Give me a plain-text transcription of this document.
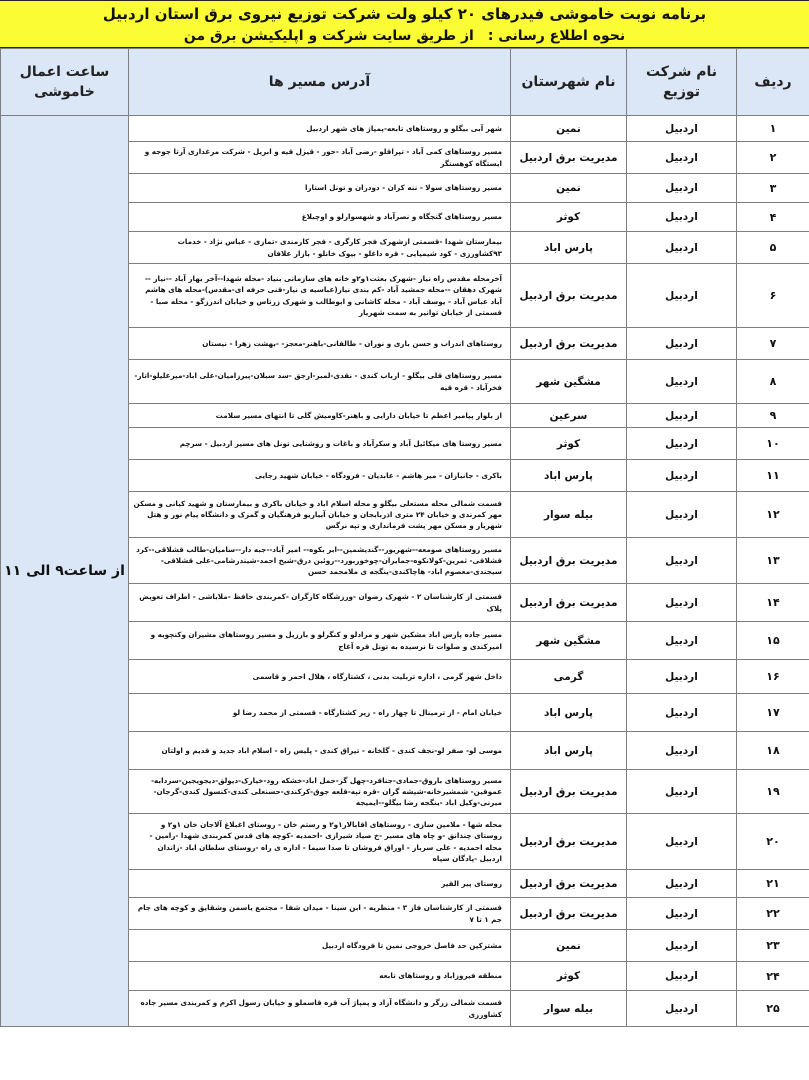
برنامه نوبت خاموشی فیدرهای ۲۰ کیلو ولت شرکت توزیع نیروی برق استان اردبیل
نحوه اطلاع رسانی :
از طریق سایت شرکت و اپلیکیشن برق من
ردیف	نام شرکت توزیع	نام شهرستان	آدرس مسیر ها	ساعت اعمال خاموشی
۱	اردبیل	نمین	شهر آبی بیگلو و روستاهای تابعه-پمپاژ های شهر اردبیل	از ساعت۹ الی ۱۱
۲	اردبیل	مدیریت برق اردبیل	مسیر روستاهای کمی آباد - تپراقلو -رضی آباد -حور - قیزل قیه و ابریل - شرکت مرغداری آرتا جوجه و ایستگاه کوهستگر	
۳	اردبیل	نمین	مسیر روستاهای سولا - ننه کران - دودران و تونل استارا	
۴	اردبیل	کوثر	مسیر روستاهای گنجگاه و نصرآباد و شهسوارلو و اوچبلاغ	
۵	اردبیل	پارس اباد	بیمارستان شهدا -قسمتی ازشهرک فجر کارگری - فجر کارمندی -تمازی - عباس نژاد - خدمات ۹۳کشاورزی - کود شیمیایی - قره داغلو - بیوک خانلو - بازار علافان	
۶	اردبیل	مدیریت برق اردبیل	آخرمحله مقدس راه نیار -شهرک بعثت۱و۲و خانه های سازمانی بنیاد -محله شهدا--آخر بهار آباد --نیار --شهرک دهقان --محله جمشید آباد -کم بندی نیار(عباسیه ی نیار-قنی حرفه ای-مقدس)-محله های هاشم آباد عباس آباد - یوسف آباد - محله کاشانی و ابوطالب و شهرک زرتاس و خیابان اندرزگو - محله صبا - قسمتی از خیابان توانیر به سمت شهریار	
۷	اردبیل	مدیریت برق اردبیل	روستاهای اندراب و حسن باری و نوران - طالقانی-باهنر-معجز- -بهشت زهرا - نیستان	
۸	اردبیل	مشگین شهر	مسیر روستاهای قلی بیگلو - ارباب کندی - نقدی-لمبر-ارجق -سد سبلان-پیرزامیان-علی اباد-میرعلیلو-اتار- فخرآباد - قره قیه	
۹	اردبیل	سرعین	از بلوار پیامبر اعظم تا خیابان دارایی و باهنر-کاومیش گلی تا انتهای مسیر سلامت	
۱۰	اردبیل	کوثر	مسیر روستا های میکائیل آباد و سکرآباد و باغات و روشنایی تونل های مسیر اردبیل - سرچم	
۱۱	اردبیل	پارس اباد	باکری - جانبازان - میر هاشم - عابدیان - فرودگاه - خیابان شهید رجایی	
۱۲	اردبیل	بیله سوار	قسمت شمالی محله مستعلی بیگلو و محله اسلام اباد و خیابان باکری و بیمارستان و شهید کیانی و مسکن مهر کمرندی و خیابان ۲۴ متری اذربایجان و خیابان آبیاریو فرهنگیان و گمرک و دانشگاه پیام نور و هتل شهریار و مسکن مهر پشت فرمانداری و تپه نرگس	
۱۳	اردبیل	مدیریت برق اردبیل	مسیر روستاهای صومعه--شهریور--گندیشمین--ابر بکوه-- امیر آباد--جبه دار--سامیان-طالب قشلاقی--کرد قشلاقی- ثمرین-کولانکوه-جمایران-چوخوربورد--روئین درق-شیخ احمد-شیندرشامی-علی قشلاقی-سیجندی-معصوم اباد- هاچاکندی-ینگجه ی ملامحمد حسن	
۱۴	اردبیل	مدیریت برق اردبیل	قسمتی از کارشناسان ۲ - شهرک رضوان -ورزشگاه کارگران -کمربندی حافظ -ملاباشی - اطراف تعویض پلاک	
۱۵	اردبیل	مشگین شهر	مسیر جاده پارس اباد مشکین شهر و مرادلو و کنگرلو و بارزیل و مسیر روستاهای مشیران وکنچوبه و امیرکندی و صلوات تا نرسیده به تونل قره آغاج	
۱۶	اردبیل	گرمی	داخل شهر گرمی ، اداره تربلیت بدنی ، کشتارگاه ، هلال احمر و قاسمی	
۱۷	اردبیل	پارس اباد	خیابان امام - از ترمینال تا چهار راه - زیر کشتارگاه - قسمتی از محمد رضا لو	
۱۸	اردبیل	پارس اباد	موسی لو- صفر لو-نجف کندی - گلخانه - تیراق کندی - پلیس راه - اسلام اباد جدید و قدیم و اولتان	
۱۹	اردبیل	مدیریت برق اردبیل	مسیر روستاهای باروق-جمادی-جناقرد-چهل گز-حمل اباد-خشکه رود-خیارک-دیولق-دیجویجین-سردابه-عموقین- شمشیرخانه-شیشه گران -قره تپه-قلعه جوق-کرکندی-حسنعلی کندی-کنسول کندی-گرجان-میرنی-وکیل اباد -ینگجه رضا بیگلو--ایمیجه	
۲۰	اردبیل	مدیریت برق اردبیل	محله شها - ملامین سازی - روستاهای اقابالار۱و۲ و رستم خان - روستای اغبلاغ آلاجان خان ۱و۲ و روستای چنذانق -و چاه های مسیر -خ صیاد شیرازی -احمدیه -کوچه های قدس کمربندی شهدا -رامین - محله احمدیه - علی سرباز - اوراق فروشان تا صدا سیما - اداره ی راه -روستای سلطان اباد -زاندان اردبیل -پادگان سپاه	
۲۱	اردبیل	مدیریت برق اردبیل	روستای پیر القیر	
۲۲	اردبیل	مدیریت برق اردبیل	قسمتی از کارشناسان فاز ۳ - منظریه - ابن سینا - میدان شفا - مجتمع یاسمن وشقایق و کوچه های جام جم ۱ تا ۷	
۲۳	اردبیل	نمین	مشترکین حد فاصل خروجی نمین تا فرودگاه اردبیل	
۲۴	اردبیل	کوثر	منطقه فیروزاباد و روستاهای تابعه	
۲۵	اردبیل	بیله سوار	قسمت شمالی زرگر و دانشگاه آزاد و پمپاژ آب قره قاسملو و خیابان رسول اکرم و کمربندی مسیر جاده کشاورزی	
